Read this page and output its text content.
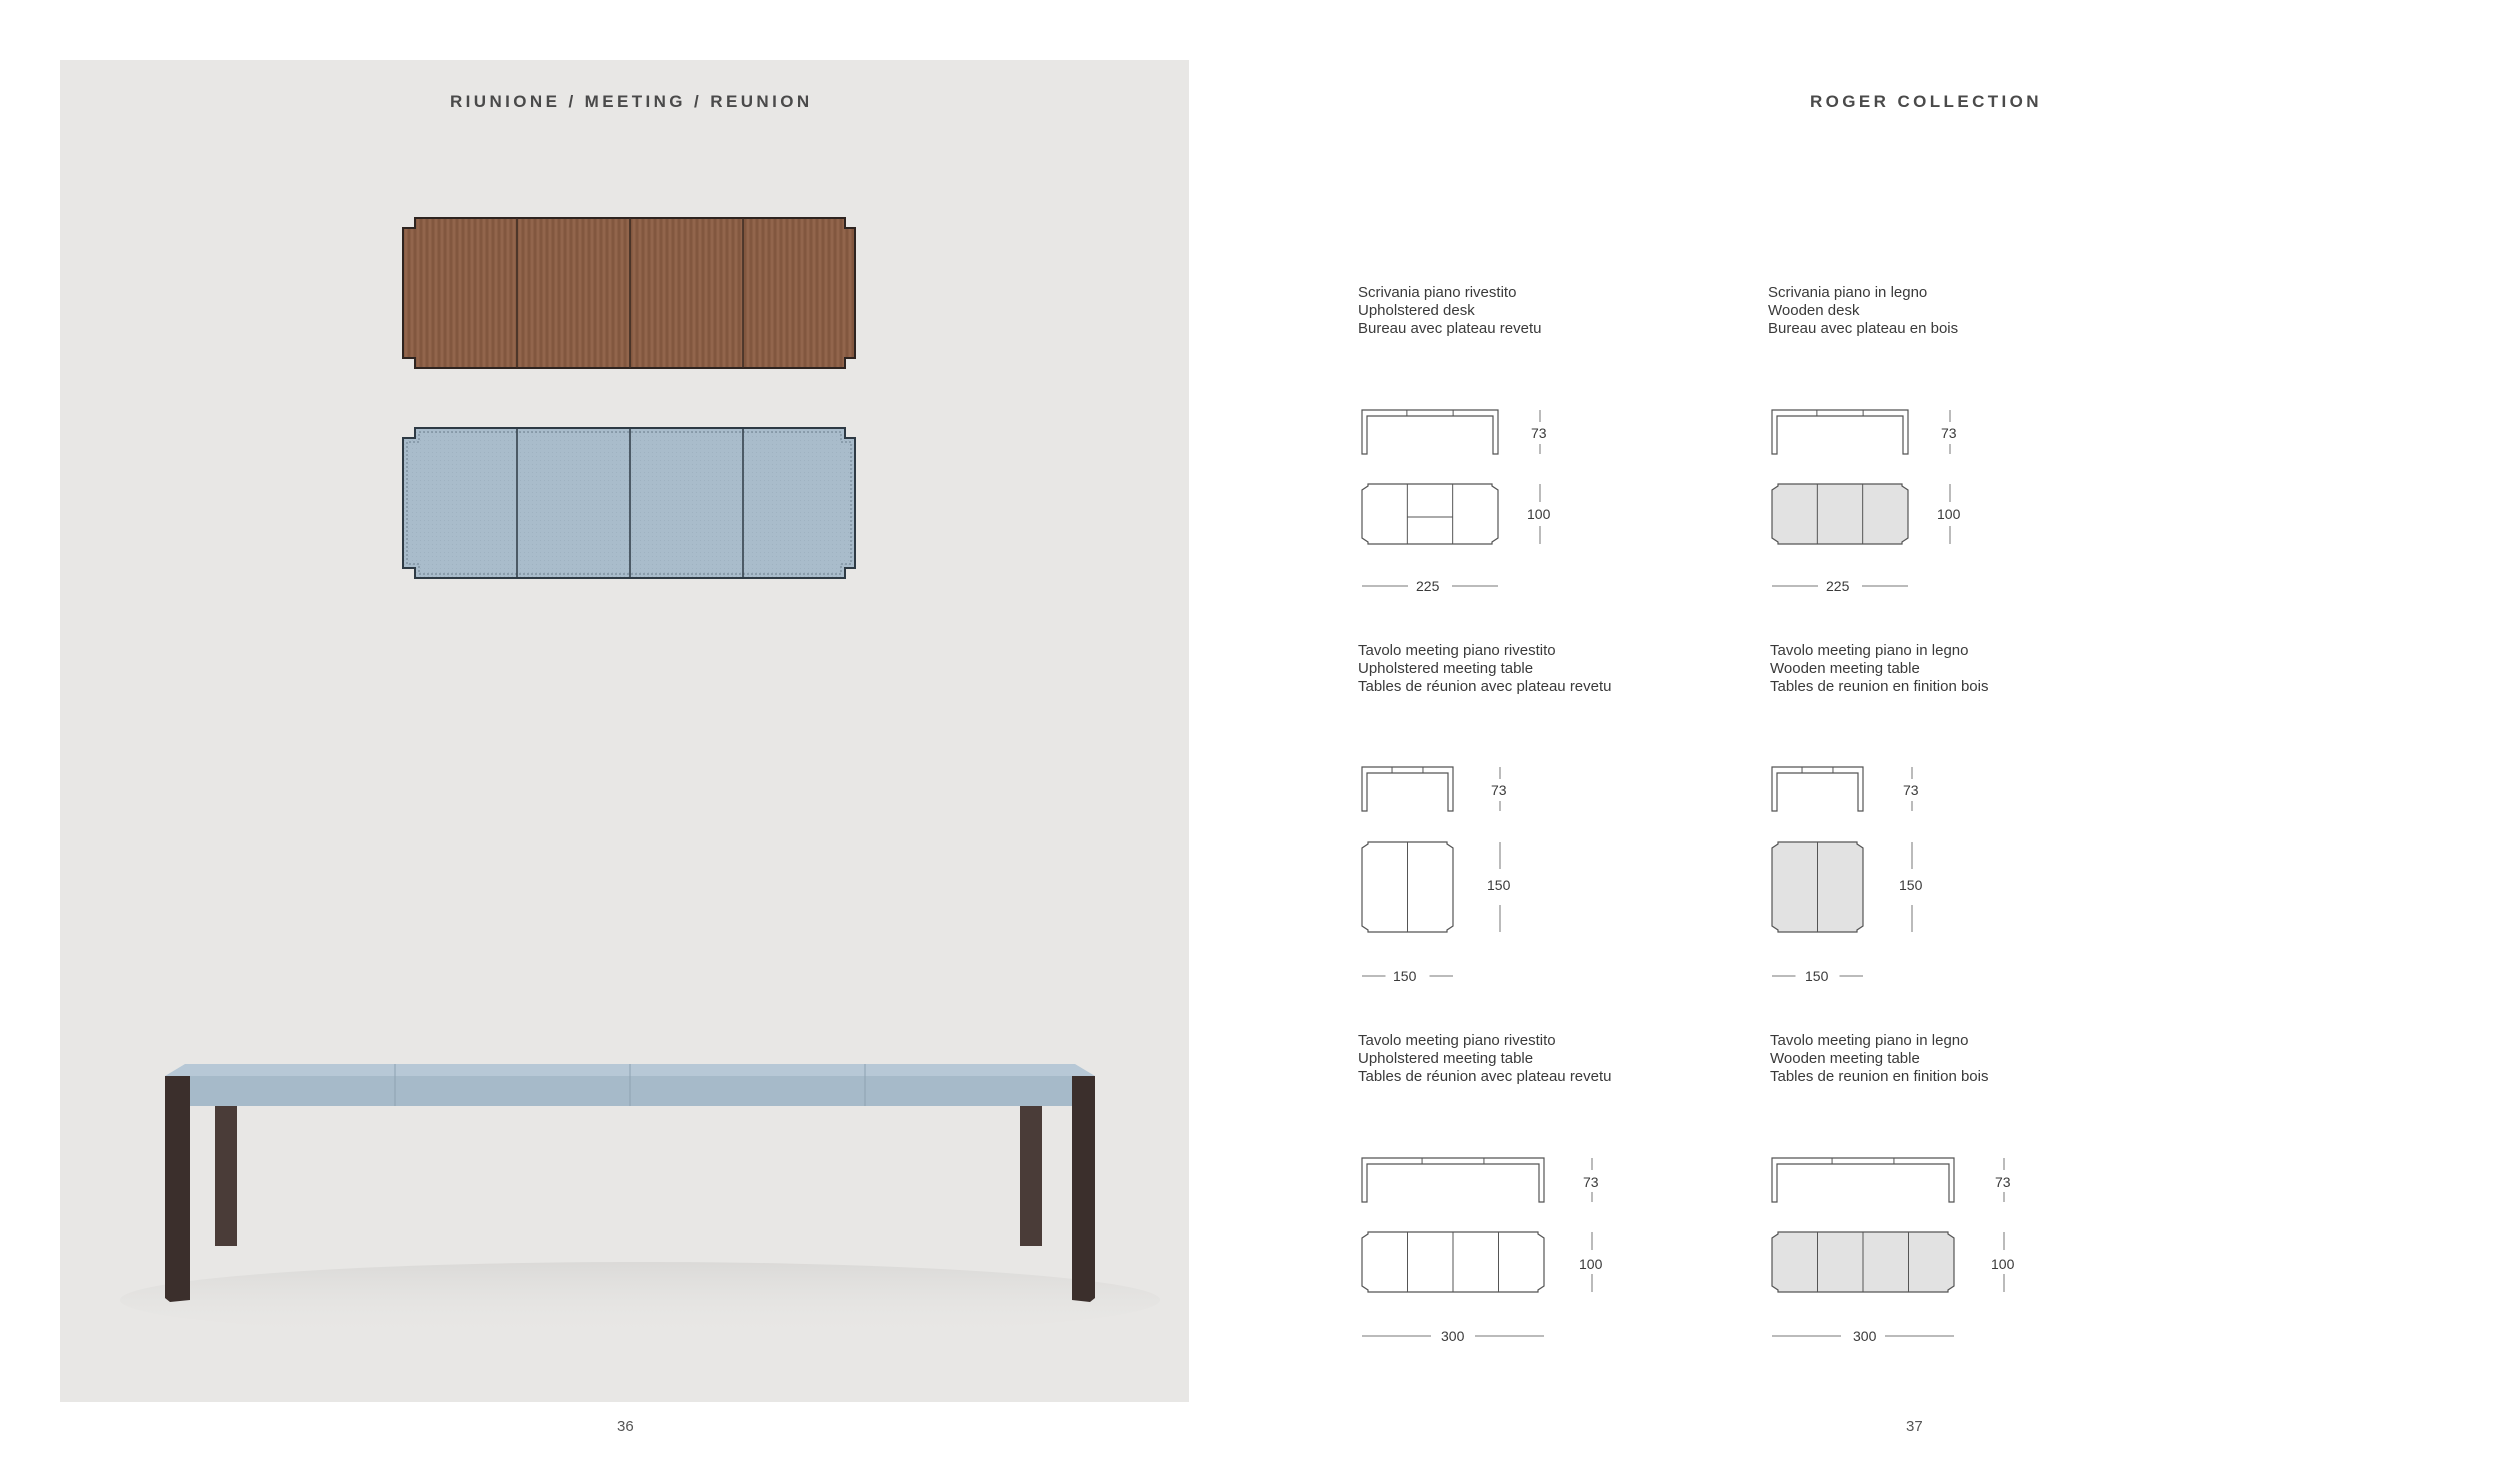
RIUNIONE / MEETING / REUNION
36
ROGER COLLECTION
Scrivania piano rivestito
Upholstered desk
Bureau avec plateau revetu
Scrivania piano in legno
Wooden desk
Bureau avec plateau en bois
Tavolo meeting piano rivestito
Upholstered meeting table
Tables de réunion avec plateau revetu
Tavolo meeting piano in legno
Wooden meeting table
Tables de reunion en finition bois
Tavolo meeting piano rivestito
Upholstered meeting table
Tables de réunion avec plateau revetu
Tavolo meeting piano in legno
Wooden meeting table
Tables de reunion en finition bois
73
100
225
73
100
225
73
150
150
73
150
150
73
100
300
73
100
300
37
